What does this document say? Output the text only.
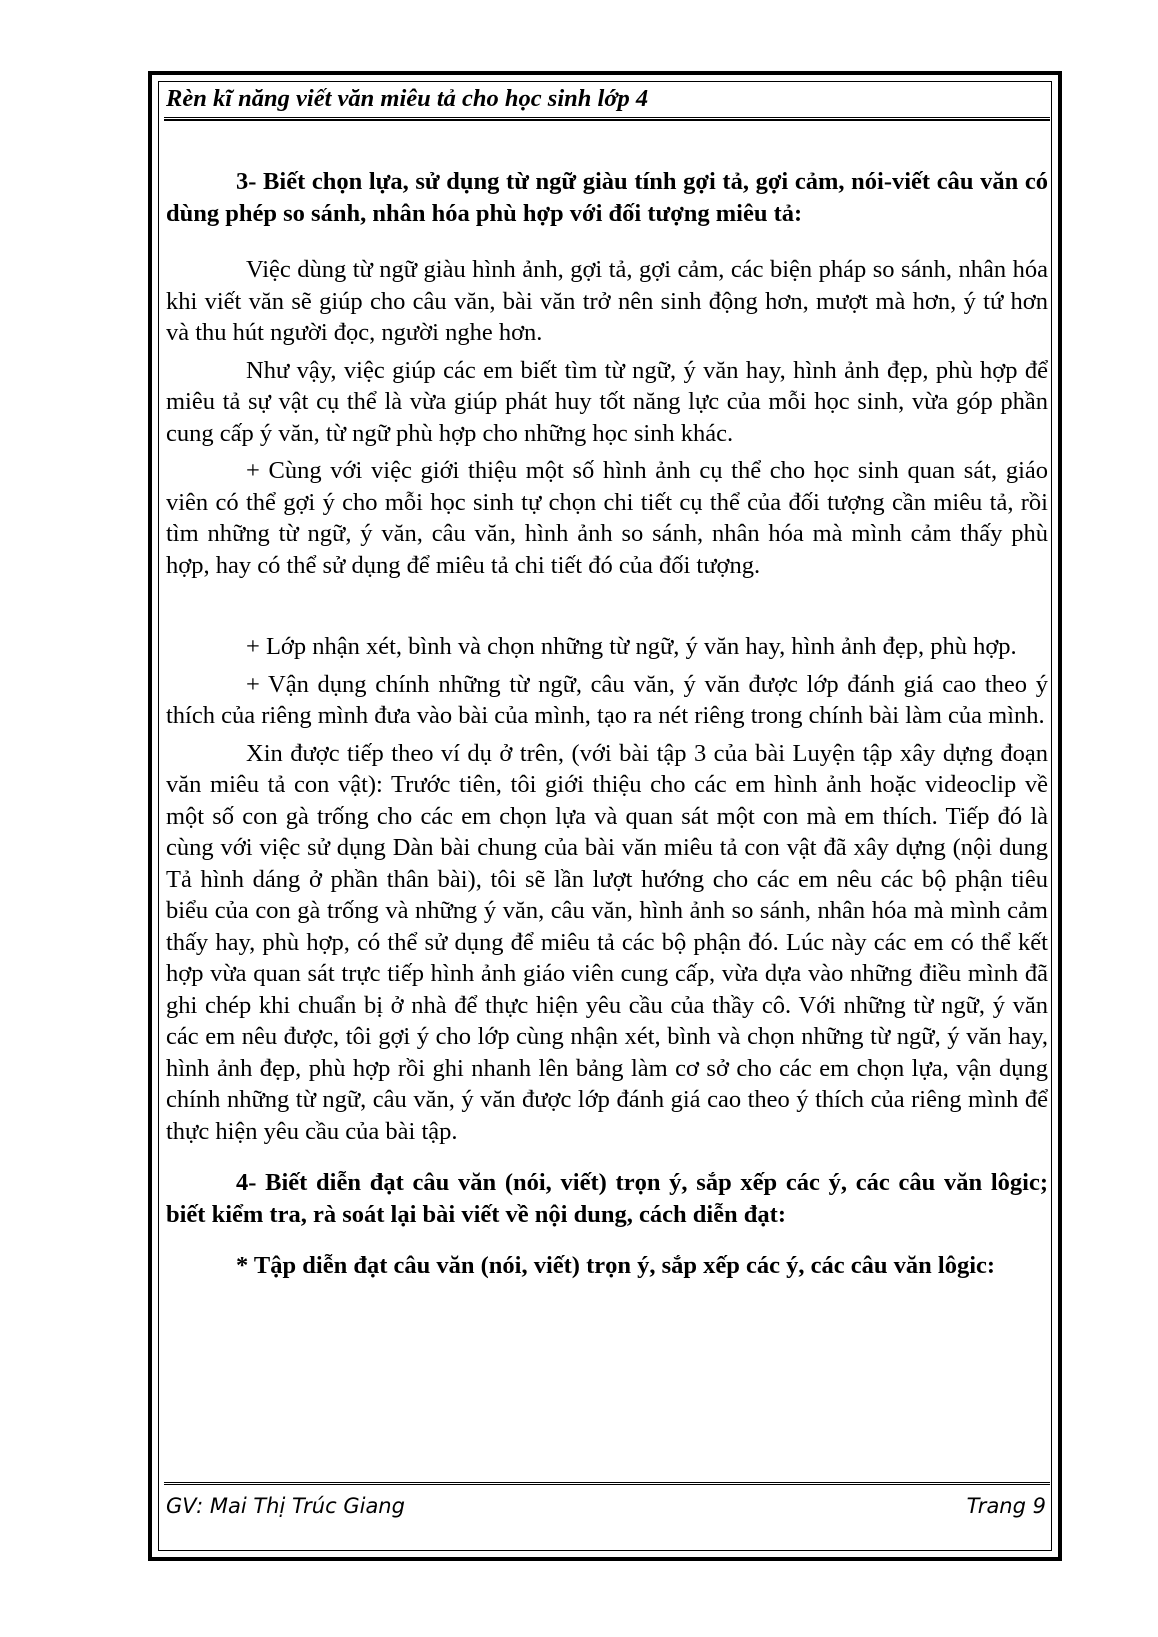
Rèn kĩ năng viết văn miêu tả cho học sinh lớp 4

3- Biết chọn lựa, sử dụng từ ngữ giàu tính gợi tả, gợi cảm, nói-viết câu văn có dùng phép so sánh, nhân hóa phù hợp với đối tượng miêu tả:

Việc dùng từ ngữ giàu hình ảnh, gợi tả, gợi cảm, các biện pháp so sánh, nhân hóa khi viết văn sẽ giúp cho câu văn, bài văn trở nên sinh động hơn, mượt mà hơn, ý tứ hơn và thu hút người đọc, người nghe hơn.

Như vậy, việc giúp các em biết tìm từ ngữ, ý văn hay, hình ảnh đẹp, phù hợp để miêu tả sự vật cụ thể là vừa giúp phát huy tốt năng lực của mỗi học sinh, vừa góp phần cung cấp ý văn, từ ngữ phù hợp cho những học sinh khác.

+ Cùng với việc giới thiệu một số hình ảnh cụ thể cho học sinh quan sát, giáo viên có thể gợi ý cho mỗi học sinh tự chọn chi tiết cụ thể của đối tượng cần miêu tả, rồi tìm những từ ngữ, ý văn, câu văn, hình ảnh so sánh, nhân hóa mà mình cảm thấy phù hợp, hay có thể sử dụng để miêu tả chi tiết đó của đối tượng.

+ Lớp nhận xét, bình và chọn những từ ngữ, ý văn hay, hình ảnh đẹp, phù hợp.

+ Vận dụng chính những từ ngữ, câu văn, ý văn được lớp đánh giá cao theo ý thích của riêng mình đưa vào bài của mình, tạo ra nét riêng trong chính bài làm của mình.

Xin được tiếp theo ví dụ ở trên, (với bài tập 3 của bài Luyện tập xây dựng đoạn văn miêu tả con vật): Trước tiên, tôi giới thiệu cho các em hình ảnh hoặc videoclip về một số con gà trống cho các em chọn lựa và quan sát một con mà em thích. Tiếp đó là cùng với việc sử dụng Dàn bài chung của bài văn miêu tả con vật đã xây dựng (nội dung Tả hình dáng ở phần thân bài), tôi sẽ lần lượt hướng cho các em nêu các bộ phận tiêu biểu của con gà trống và những ý văn, câu văn, hình ảnh so sánh, nhân hóa mà mình cảm thấy hay, phù hợp, có thể sử dụng để miêu tả các bộ phận đó. Lúc này các em có thể kết hợp vừa quan sát trực tiếp hình ảnh giáo viên cung cấp, vừa dựa vào những điều mình đã ghi chép khi chuẩn bị ở nhà để thực hiện yêu cầu của thầy cô. Với những từ ngữ, ý văn các em nêu được, tôi gợi ý cho lớp cùng nhận xét, bình và chọn những từ ngữ, ý văn hay, hình ảnh đẹp, phù hợp rồi ghi nhanh lên bảng làm cơ sở cho các em chọn lựa, vận dụng chính những từ ngữ, câu văn, ý văn được lớp đánh giá cao theo ý thích của riêng mình để thực hiện yêu cầu của bài tập.

4- Biết diễn đạt câu văn (nói, viết) trọn ý, sắp xếp các ý, các câu văn lôgic; biết kiểm tra, rà soát lại bài viết về nội dung, cách diễn đạt:

* Tập diễn đạt câu văn (nói, viết) trọn ý, sắp xếp các ý, các câu văn lôgic:

GV: Mai Thị Trúc Giang	Trang 9
